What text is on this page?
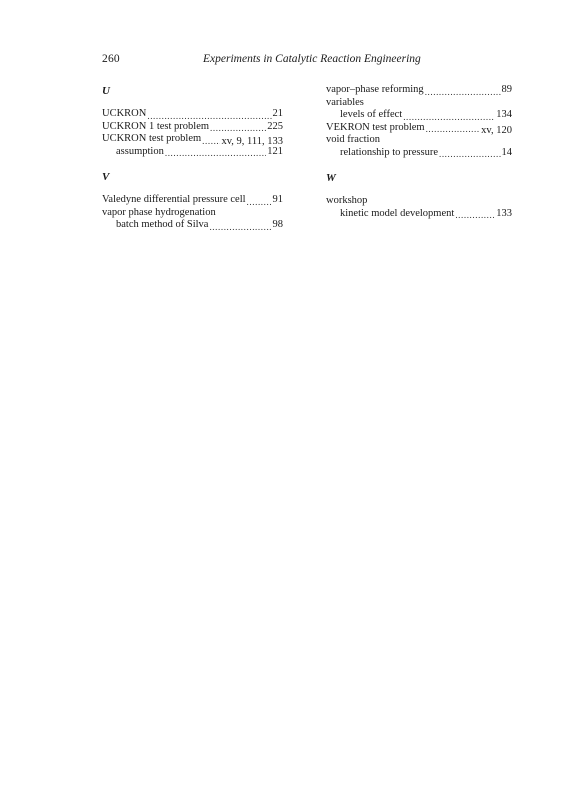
260	Experiments in Catalytic Reaction Engineering
U
UCKRON .....	21
UCKRON 1 test problem .....	225
UCKRON test problem ..... xv, 9, 111, 133
assumption .....	121
V
Valedyne differential pressure cell .....	91
vapor phase hydrogenation
batch method of Silva .....	98
vapor–phase reforming .....	89
variables
levels of effect .....	134
VEKRON test problem .....	xv, 120
void fraction
relationship to pressure .....	14
W
workshop
kinetic model development .....	133
